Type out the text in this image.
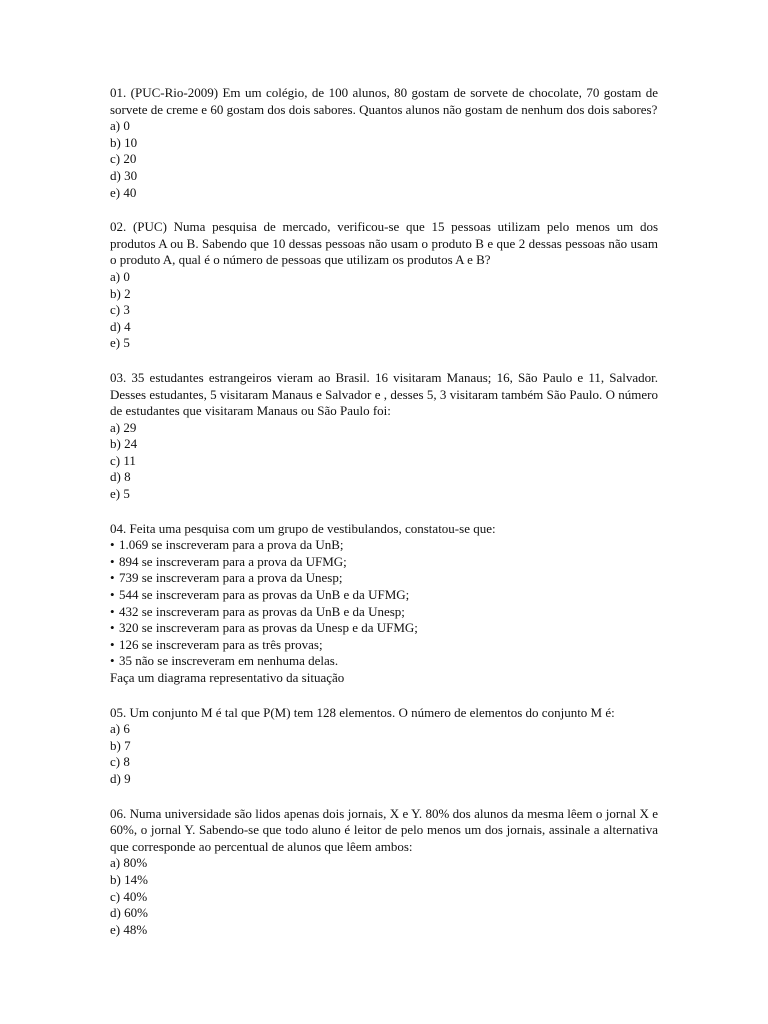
01. (PUC-Rio-2009) Em um colégio, de 100 alunos, 80 gostam de sorvete de chocolate, 70 gostam de sorvete de creme e 60 gostam dos dois sabores. Quantos alunos não gostam de nenhum dos dois sabores?

a) 0
b) 10
c) 20
d) 30
e) 40

02. (PUC) Numa pesquisa de mercado, verificou-se que 15 pessoas utilizam pelo menos um dos produtos A ou B. Sabendo que 10 dessas pessoas não usam o produto B e que 2 dessas pessoas não usam o produto A, qual é o número de pessoas que utilizam os produtos A e B?

a) 0
b) 2
c) 3
d) 4
e) 5

03. 35 estudantes estrangeiros vieram ao Brasil. 16 visitaram Manaus; 16, São Paulo e 11, Salvador. Desses estudantes, 5 visitaram Manaus e Salvador e , desses 5, 3 visitaram também São Paulo. O número de estudantes que visitaram Manaus ou São Paulo foi:

a) 29
b) 24
c) 11
d) 8
e) 5

04. Feita uma pesquisa com um grupo de vestibulandos, constatou-se que:

• 1.069 se inscreveram para a prova da UnB;
• 894 se inscreveram para a prova da UFMG;
• 739 se inscreveram para a prova da Unesp;
• 544 se inscreveram para as provas da UnB e da UFMG;
• 432 se inscreveram para as provas da UnB e da Unesp;
• 320 se inscreveram para as provas da Unesp e da UFMG;
• 126 se inscreveram para as três provas;
• 35 não se inscreveram em nenhuma delas.

Faça um diagrama representativo da situação

05. Um conjunto M é tal que P(M) tem 128 elementos. O número de elementos do conjunto M é:

a) 6
b) 7
c) 8
d) 9

06. Numa universidade são lidos apenas dois jornais, X e Y. 80% dos alunos da mesma lêem o jornal X e 60%, o jornal Y. Sabendo-se que todo aluno é leitor de pelo menos um dos jornais, assinale a alternativa que corresponde ao percentual de alunos que lêem ambos:

a) 80%
b) 14%
c) 40%
d) 60%
e) 48%
